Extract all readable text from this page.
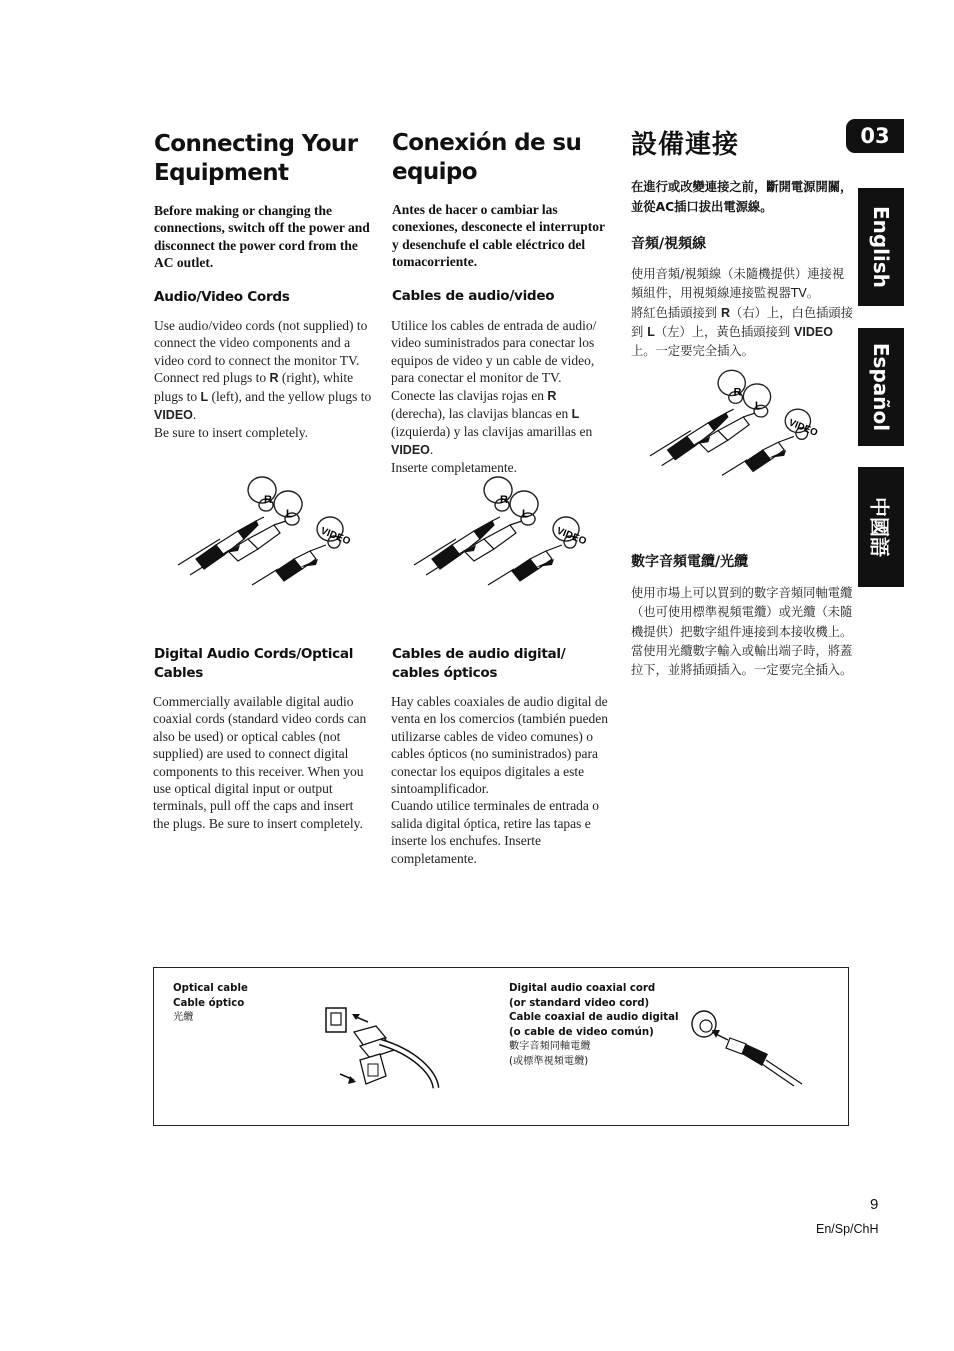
Connecting Your
Equipment

Before making or changing the connections, switch off the power and disconnect the power cord from the AC outlet.

Audio/Video Cords
Use audio/video cords (not supplied) to connect the video components and a video cord to connect the monitor TV.
Connect red plugs to R (right), white plugs to L (left), and the yellow plugs to VIDEO.
Be sure to insert completely.
Digital Audio Cords/Optical Cables
Commercially available digital audio coaxial cords (standard video cords can also be used) or optical cables (not supplied) are used to connect digital components to this receiver. When you use optical digital input or output terminals, pull off the caps and insert the plugs. Be sure to insert completely.
Conexión de su
equipo

Antes de hacer o cambiar las conexiones, desconecte el interruptor y desenchufe el cable eléctrico del tomacorriente.

Cables de audio/video
Utilice los cables de entrada de audio/ video suministrados para conectar los equipos de video y un cable de video, para conectar el monitor de TV.
Conecte las clavijas rojas en R (derecha), las clavijas blancas en L (izquierda) y las clavijas amarillas en VIDEO.
Inserte completamente.
Cables de audio digital/ cables ópticos
Hay cables coaxiales de audio digital de venta en los comercios (también pueden utilizarse cables de video comunes) o cables ópticos (no suministrados) para conectar los equipos digitales a este sintoamplificador.
Cuando utilice terminales de entrada o salida digital óptica, retire las tapas e inserte los enchufes. Inserte completamente.
設備連接

在進行或改變連接之前，斷開電源開關，並從AC插口拔出電源線。

音頻/視頻線
使用音頻/視頻線（未隨機提供）連接視頻組件，用視頻線連接監視器TV。
將紅色插頭接到 R（右）上，白色插頭接到 L（左）上，黃色插頭接到 VIDEO上。一定要完全插入。
數字音頻電纜/光纜
使用市場上可以買到的數字音頻同軸電纜（也可使用標準視頻電纜）或光纜（未隨機提供）把數字組件連接到本接收機上。
當使用光纜數字輸入或輸出端子時，將蓋拉下，並將插頭插入。一定要完全插入。
03
English
Español
中國語
R
L
VIDEO
R
L
VIDEO
R
L
VIDEO
Optical cable
Cable óptico
光纜
Digital audio coaxial cord
(or standard video cord)
Cable coaxial de audio digital
(o cable de video común)
數字音頻同軸電纜
(或標準視頻電纜)
9
En/Sp/ChH
